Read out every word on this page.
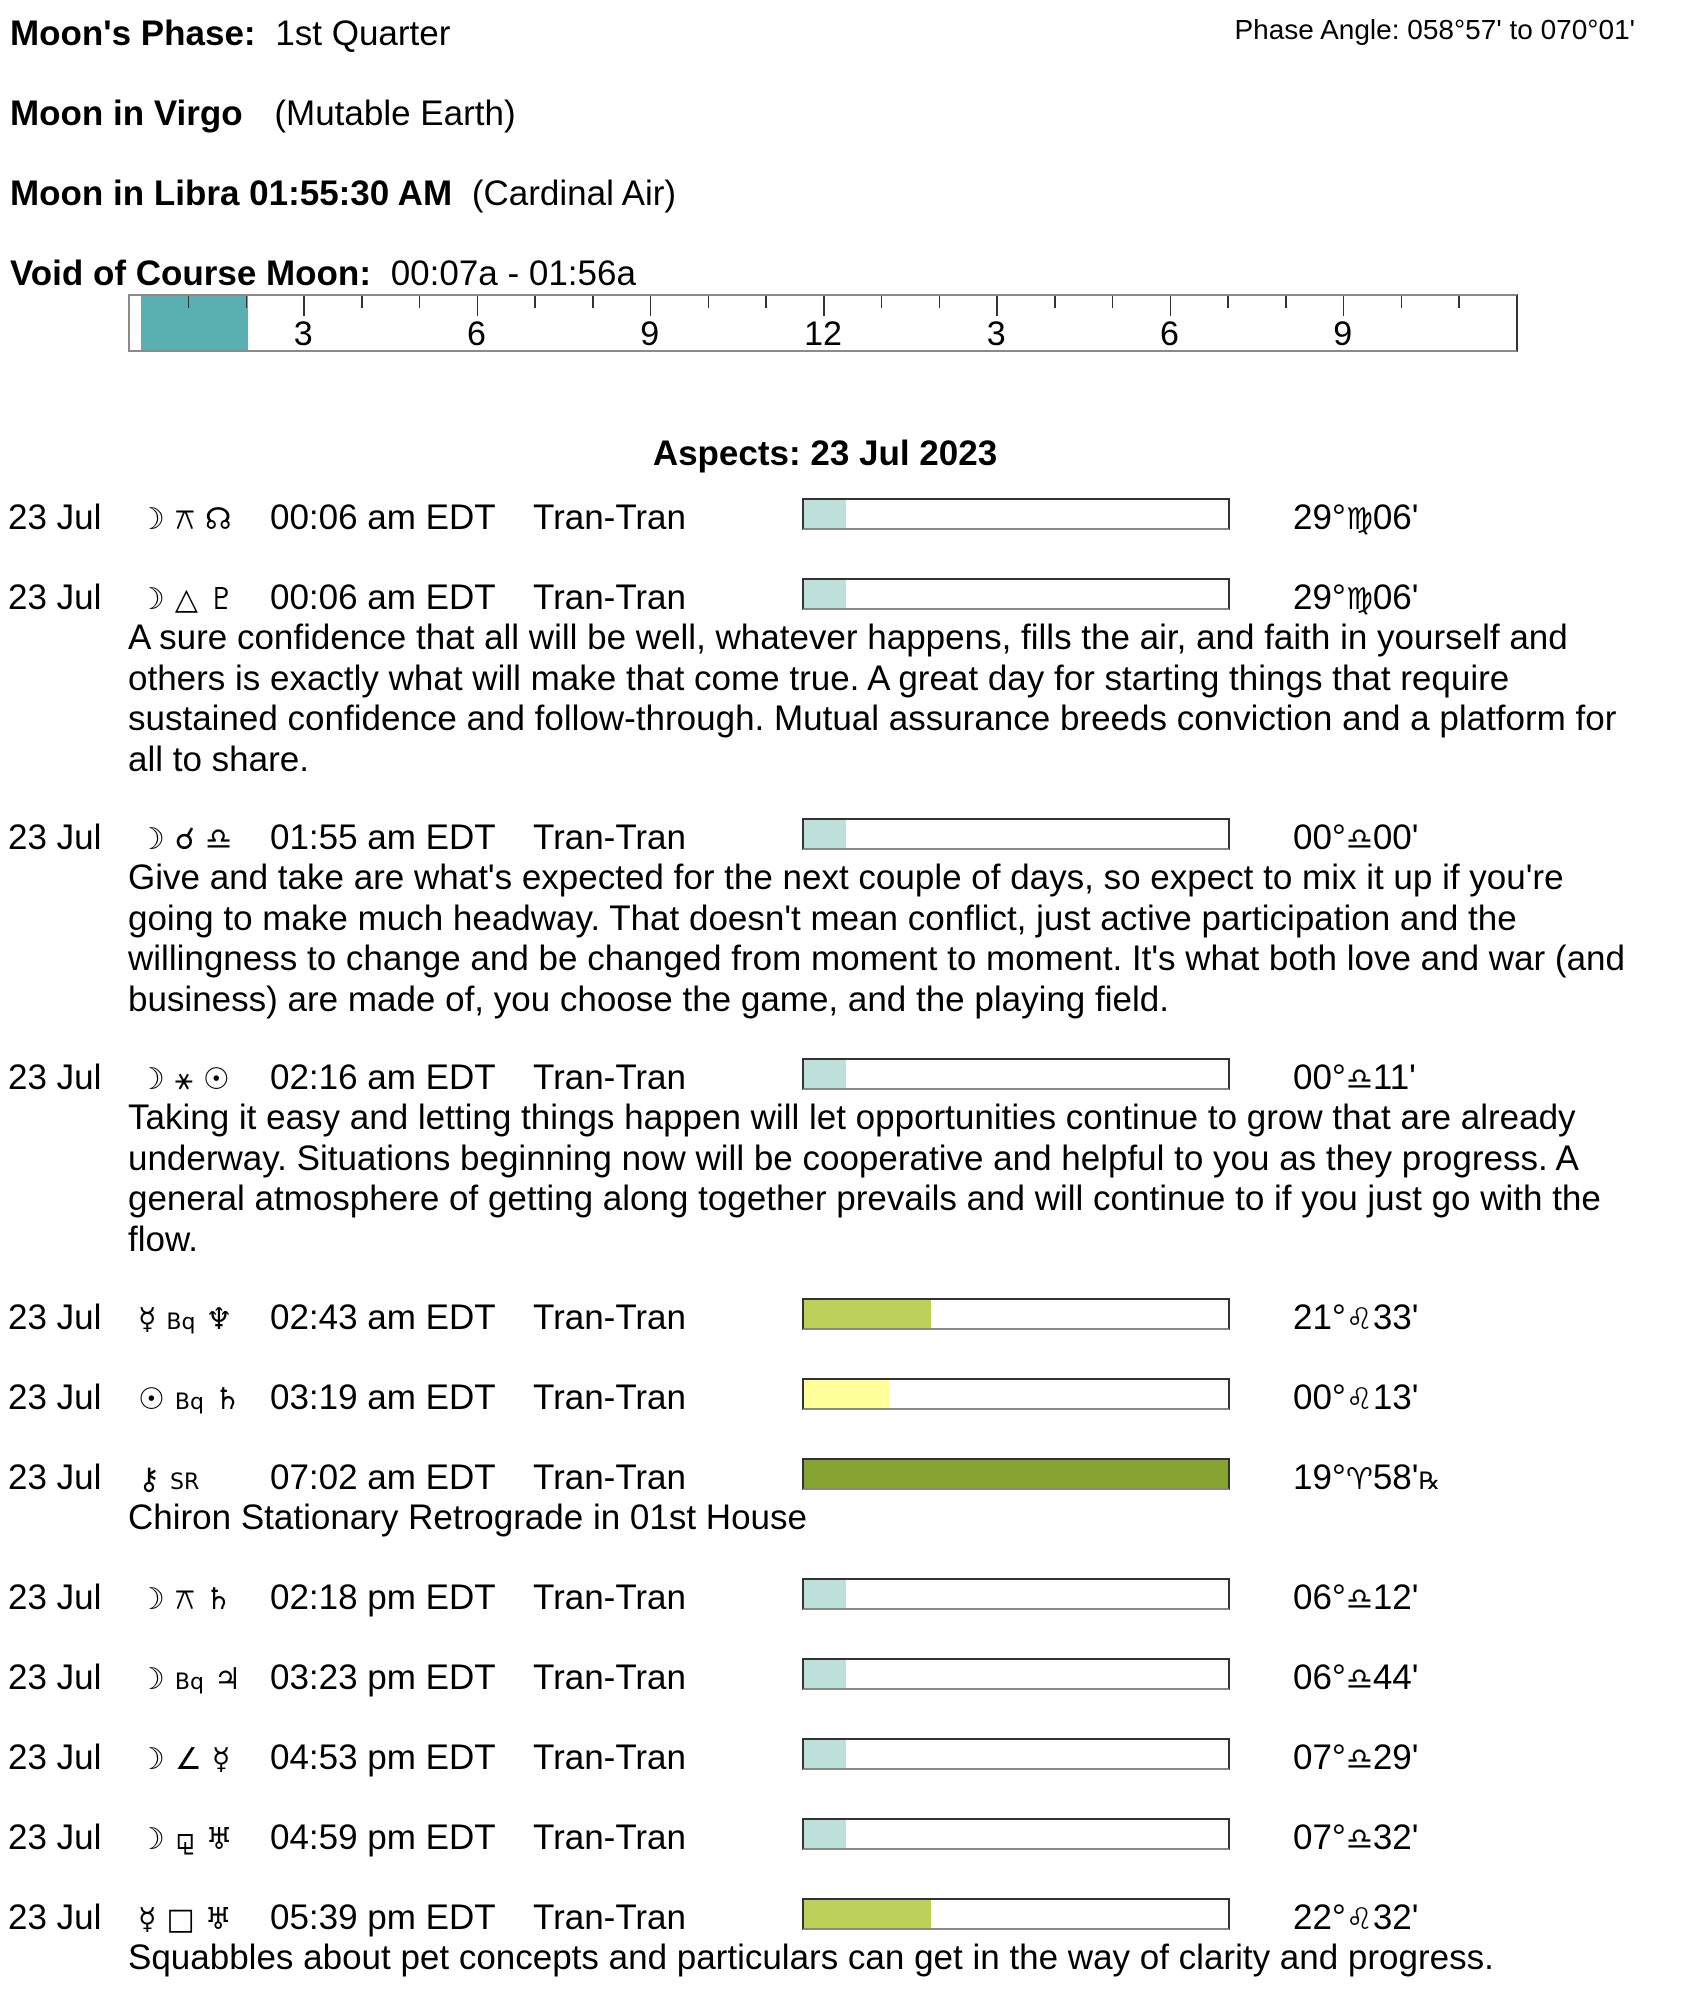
Moon's Phase: 1st Quarter	Phase Angle: 058°57' to 070°01'
Moon in Virgo (Mutable Earth)
Moon in Libra 01:55:30 AM (Cardinal Air)
Void of Course Moon: 00:07a - 01:56a
3	6	9	12	3	6	9
Aspects: 23 Jul 2023
23 Jul ☽ ⚻ ☊ 00:06 am EDT Tran-Tran	29°♍06'
23 Jul ☽ △ ♇ 00:06 am EDT Tran-Tran	29°♍06'
A sure confidence that all will be well, whatever happens, fills the air, and faith in yourself and others is exactly what will make that come true. A great day for starting things that require sustained confidence and follow-through. Mutual assurance breeds conviction and a platform for all to share.
23 Jul ☽ ☌ ♎ 01:55 am EDT Tran-Tran	00°♎00'
Give and take are what's expected for the next couple of days, so expect to mix it up if you're going to make much headway. That doesn't mean conflict, just active participation and the willingness to change and be changed from moment to moment. It's what both love and war (and business) are made of, you choose the game, and the playing field.
23 Jul ☽ ⚹ ☉ 02:16 am EDT Tran-Tran	00°♎11'
Taking it easy and letting things happen will let opportunities continue to grow that are already underway. Situations beginning now will be cooperative and helpful to you as they progress. A general atmosphere of getting along together prevails and will continue to if you just go with the flow.
23 Jul ☿ Bq ♆ 02:43 am EDT Tran-Tran	21°♌33'
23 Jul ☉ Bq ♄ 03:19 am EDT Tran-Tran	00°♌13'
23 Jul ⚷ SR	07:02 am EDT Tran-Tran	19°♈58'℞
Chiron Stationary Retrograde in 01st House
23 Jul ☽ ⚻ ♄ 02:18 pm EDT Tran-Tran	06°♎12'
23 Jul ☽ Bq ♃ 03:23 pm EDT Tran-Tran	06°♎44'
23 Jul ☽ ∠ ☿ 04:53 pm EDT Tran-Tran	07°♎29'
23 Jul ☽ ⚼ ♅ 04:59 pm EDT Tran-Tran	07°♎32'
23 Jul ☿ □ ♅ 05:39 pm EDT Tran-Tran	22°♌32'
Squabbles about pet concepts and particulars can get in the way of clarity and progress.
